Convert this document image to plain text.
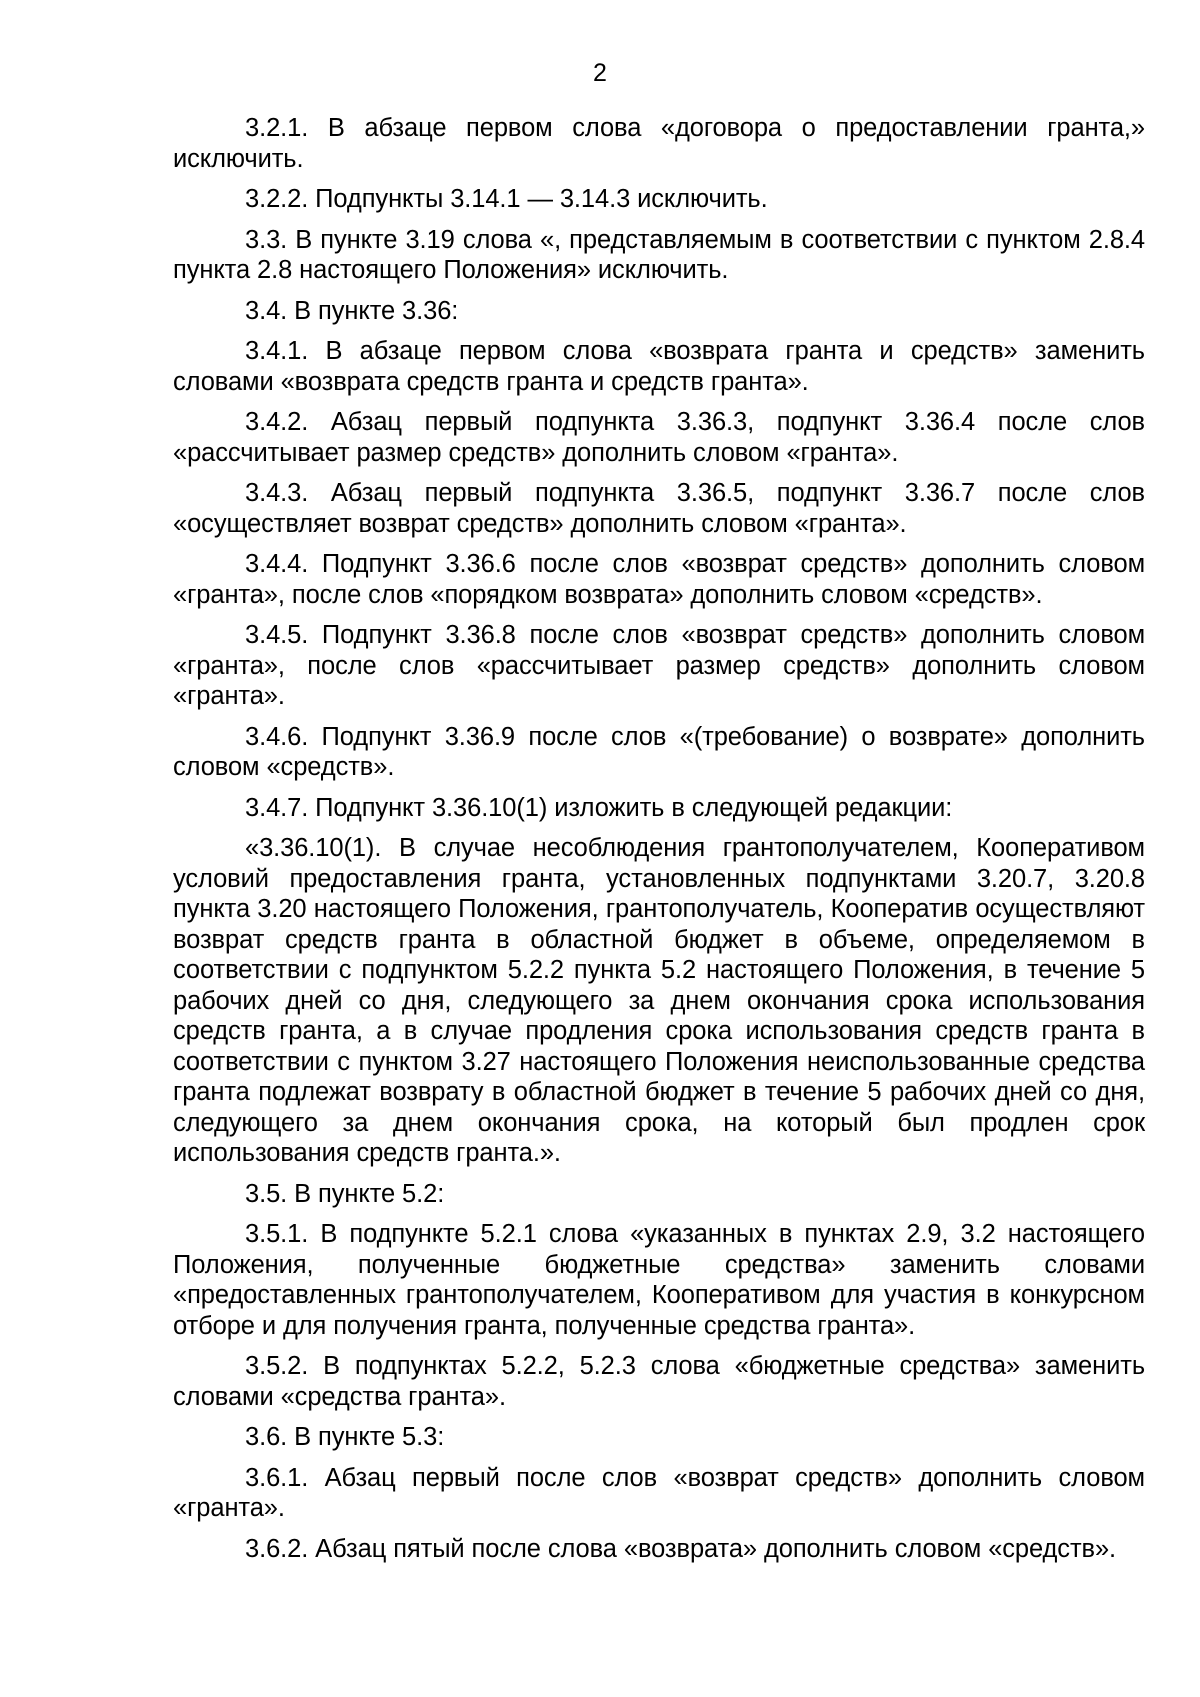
2

3.2.1. В абзаце первом слова «договора о предоставлении гранта,» исключить.

3.2.2. Подпункты 3.14.1 — 3.14.3 исключить.

3.3. В пункте 3.19 слова «, представляемым в соответствии с пунктом 2.8.4 пункта 2.8 настоящего Положения» исключить.

3.4. В пункте 3.36:

3.4.1. В абзаце первом слова «возврата гранта и средств» заменить словами «возврата средств гранта и средств гранта».

3.4.2. Абзац первый подпункта 3.36.3, подпункт 3.36.4 после слов «рассчитывает размер средств» дополнить словом «гранта».

3.4.3. Абзац первый подпункта 3.36.5, подпункт 3.36.7 после слов «осуществляет возврат средств» дополнить словом «гранта».

3.4.4. Подпункт 3.36.6 после слов «возврат средств» дополнить словом «гранта», после слов «порядком возврата» дополнить словом «средств».

3.4.5. Подпункт 3.36.8 после слов «возврат средств» дополнить словом «гранта», после слов «рассчитывает размер средств» дополнить словом «гранта».

3.4.6. Подпункт 3.36.9 после слов «(требование) о возврате» дополнить словом «средств».

3.4.7. Подпункт 3.36.10(1) изложить в следующей редакции:

«3.36.10(1). В случае несоблюдения грантополучателем, Кооперативом условий предоставления гранта, установленных подпунктами 3.20.7, 3.20.8 пункта 3.20 настоящего Положения, грантополучатель, Кооператив осуществляют возврат средств гранта в областной бюджет в объеме, определяемом в соответствии с подпунктом 5.2.2 пункта 5.2 настоящего Положения, в течение 5 рабочих дней со дня, следующего за днем окончания срока использования средств гранта, а в случае продления срока использования средств гранта в соответствии с пунктом 3.27 настоящего Положения неиспользованные средства гранта подлежат возврату в областной бюджет в течение 5 рабочих дней со дня, следующего за днем окончания срока, на который был продлен срок использования средств гранта.».

3.5. В пункте 5.2:

3.5.1. В подпункте 5.2.1 слова «указанных в пунктах 2.9, 3.2 настоящего Положения, полученные бюджетные средства» заменить словами «предоставленных грантополучателем, Кооперативом для участия в конкурсном отборе и для получения гранта, полученные средства гранта».

3.5.2. В подпунктах 5.2.2, 5.2.3 слова «бюджетные средства» заменить словами «средства гранта».

3.6. В пункте 5.3:

3.6.1. Абзац первый после слов «возврат средств» дополнить словом «гранта».

3.6.2. Абзац пятый после слова «возврата» дополнить словом «средств».
